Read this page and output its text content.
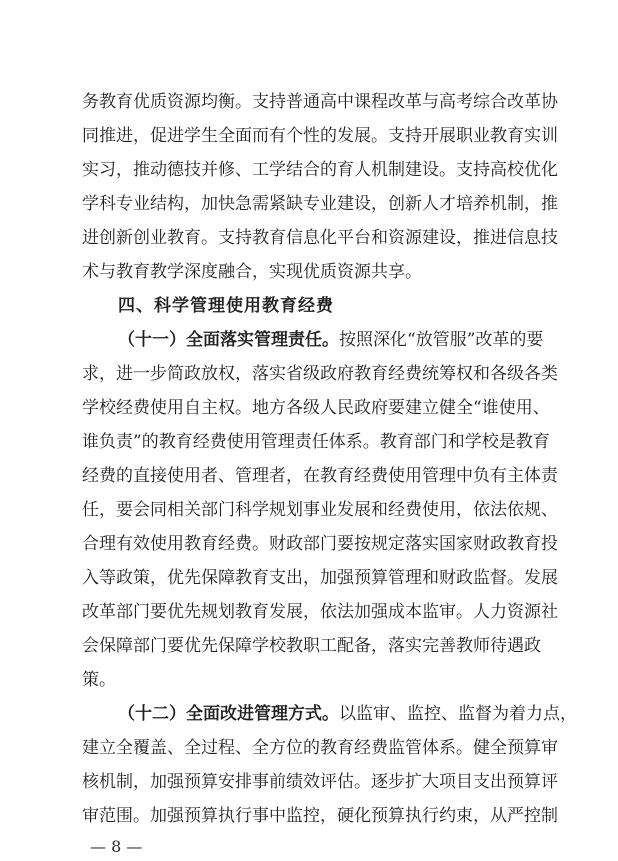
务教育优质资源均衡。支持普通高中课程改革与高考综合改革协
同推进，促进学生全面而有个性的发展。支持开展职业教育实训
实习，推动德技并修、工学结合的育人机制建设。支持高校优化
学科专业结构，加快急需紧缺专业建设，创新人才培养机制，推
进创新创业教育。支持教育信息化平台和资源建设，推进信息技
术与教育教学深度融合，实现优质资源共享。
四、科学管理使用教育经费
（十一）全面落实管理责任。按照深化“放管服”改革的要
求，进一步简政放权，落实省级政府教育经费统筹权和各级各类
学校经费使用自主权。地方各级人民政府要建立健全“谁使用、
谁负责”的教育经费使用管理责任体系。教育部门和学校是教育
经费的直接使用者、管理者，在教育经费使用管理中负有主体责
任，要会同相关部门科学规划事业发展和经费使用，依法依规、
合理有效使用教育经费。财政部门要按规定落实国家财政教育投
入等政策，优先保障教育支出，加强预算管理和财政监督。发展
改革部门要优先规划教育发展，依法加强成本监审。人力资源社
会保障部门要优先保障学校教职工配备，落实完善教师待遇政
策。
（十二）全面改进管理方式。以监审、监控、监督为着力点，
建立全覆盖、全过程、全方位的教育经费监管体系。健全预算审
核机制，加强预算安排事前绩效评估。逐步扩大项目支出预算评
审范围。加强预算执行事中监控，硬化预算执行约束，从严控制
— 8 —
